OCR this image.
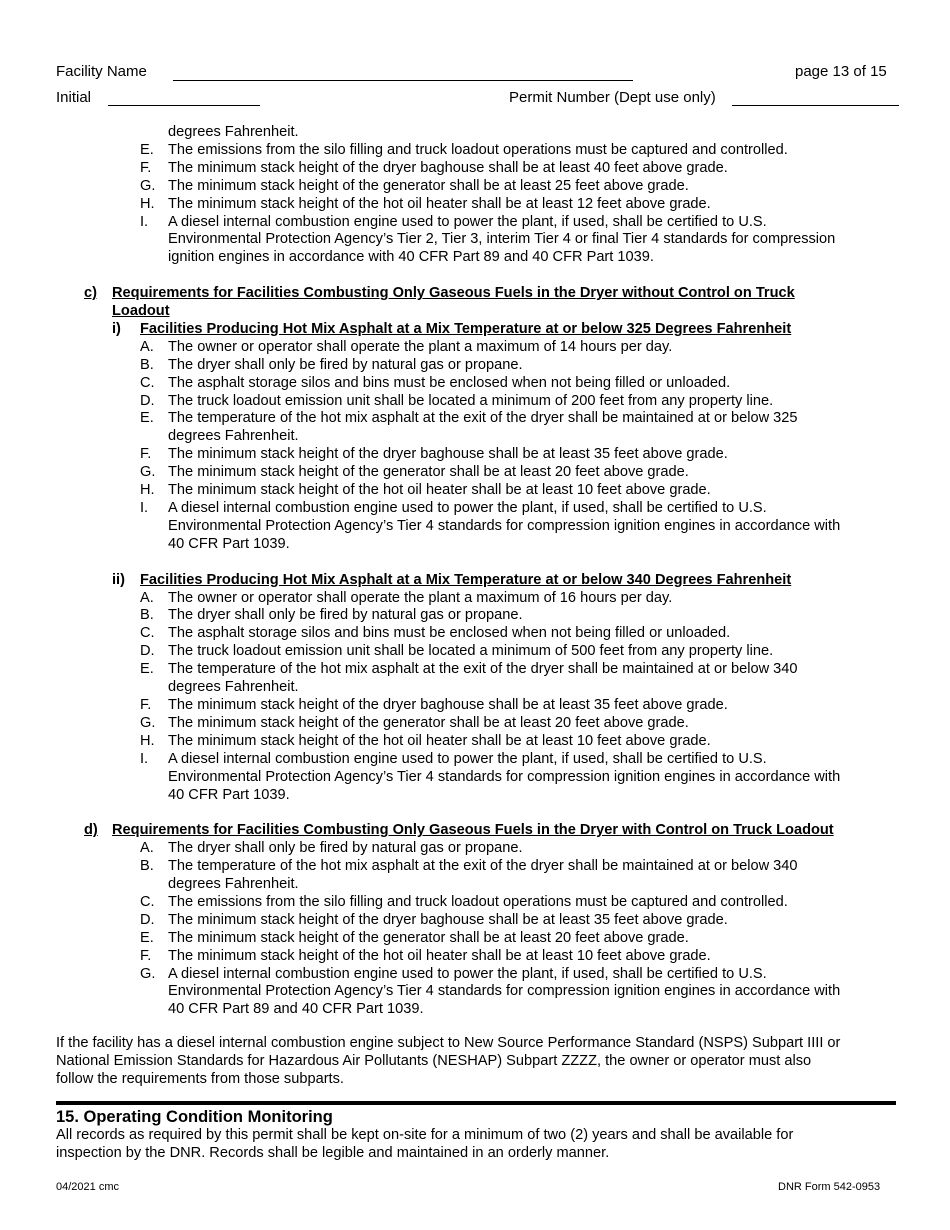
Facility Name	page 13 of 15
Initial	Permit Number (Dept use only)
degrees Fahrenheit.
E. The emissions from the silo filling and truck loadout operations must be captured and controlled.
F.	The minimum stack height of the dryer baghouse shall be at least 40 feet above grade.
G. The minimum stack height of the generator shall be at least 25 feet above grade.
H. The minimum stack height of the hot oil heater shall be at least 12 feet above grade.
I.	A diesel internal combustion engine used to power the plant, if used, shall be certified to U.S.
Environmental Protection Agency’s Tier 2, Tier 3, interim Tier 4 or final Tier 4 standards for compression
ignition engines in accordance with 40 CFR Part 89 and 40 CFR Part 1039.
c)	Requirements for Facilities Combusting Only Gaseous Fuels in the Dryer without Control on Truck
Loadout
i)	Facilities Producing Hot Mix Asphalt at a Mix Temperature at or below 325 Degrees Fahrenheit
A. The owner or operator shall operate the plant a maximum of 14 hours per day.
B. The dryer shall only be fired by natural gas or propane.
C. The asphalt storage silos and bins must be enclosed when not being filled or unloaded.
D. The truck loadout emission unit shall be located a minimum of 200 feet from any property line.
E. The temperature of the hot mix asphalt at the exit of the dryer shall be maintained at or below 325
degrees Fahrenheit.
F.	The minimum stack height of the dryer baghouse shall be at least 35 feet above grade.
G. The minimum stack height of the generator shall be at least 20 feet above grade.
H. The minimum stack height of the hot oil heater shall be at least 10 feet above grade.
I.	A diesel internal combustion engine used to power the plant, if used, shall be certified to U.S.
Environmental Protection Agency’s Tier 4 standards for compression ignition engines in accordance with
40 CFR Part 1039.
ii)	Facilities Producing Hot Mix Asphalt at a Mix Temperature at or below 340 Degrees Fahrenheit
A. The owner or operator shall operate the plant a maximum of 16 hours per day.
B. The dryer shall only be fired by natural gas or propane.
C. The asphalt storage silos and bins must be enclosed when not being filled or unloaded.
D. The truck loadout emission unit shall be located a minimum of 500 feet from any property line.
E. The temperature of the hot mix asphalt at the exit of the dryer shall be maintained at or below 340
degrees Fahrenheit.
F.	The minimum stack height of the dryer baghouse shall be at least 35 feet above grade.
G. The minimum stack height of the generator shall be at least 20 feet above grade.
H. The minimum stack height of the hot oil heater shall be at least 10 feet above grade.
I.	A diesel internal combustion engine used to power the plant, if used, shall be certified to U.S.
Environmental Protection Agency’s Tier 4 standards for compression ignition engines in accordance with
40 CFR Part 1039.
d) Requirements for Facilities Combusting Only Gaseous Fuels in the Dryer with Control on Truck Loadout
A. The dryer shall only be fired by natural gas or propane.
B. The temperature of the hot mix asphalt at the exit of the dryer shall be maintained at or below 340
degrees Fahrenheit.
C. The emissions from the silo filling and truck loadout operations must be captured and controlled.
D. The minimum stack height of the dryer baghouse shall be at least 35 feet above grade.
E. The minimum stack height of the generator shall be at least 20 feet above grade.
F.	The minimum stack height of the hot oil heater shall be at least 10 feet above grade.
G. A diesel internal combustion engine used to power the plant, if used, shall be certified to U.S.
Environmental Protection Agency’s Tier 4 standards for compression ignition engines in accordance with
40 CFR Part 89 and 40 CFR Part 1039.
If the facility has a diesel internal combustion engine subject to New Source Performance Standard (NSPS) Subpart IIII or
National Emission Standards for Hazardous Air Pollutants (NESHAP) Subpart ZZZZ, the owner or operator must also
follow the requirements from those subparts.
15. Operating Condition Monitoring
All records as required by this permit shall be kept on-site for a minimum of two (2) years and shall be available for
inspection by the DNR. Records shall be legible and maintained in an orderly manner.
04/2021 cmc	DNR Form 542-0953
